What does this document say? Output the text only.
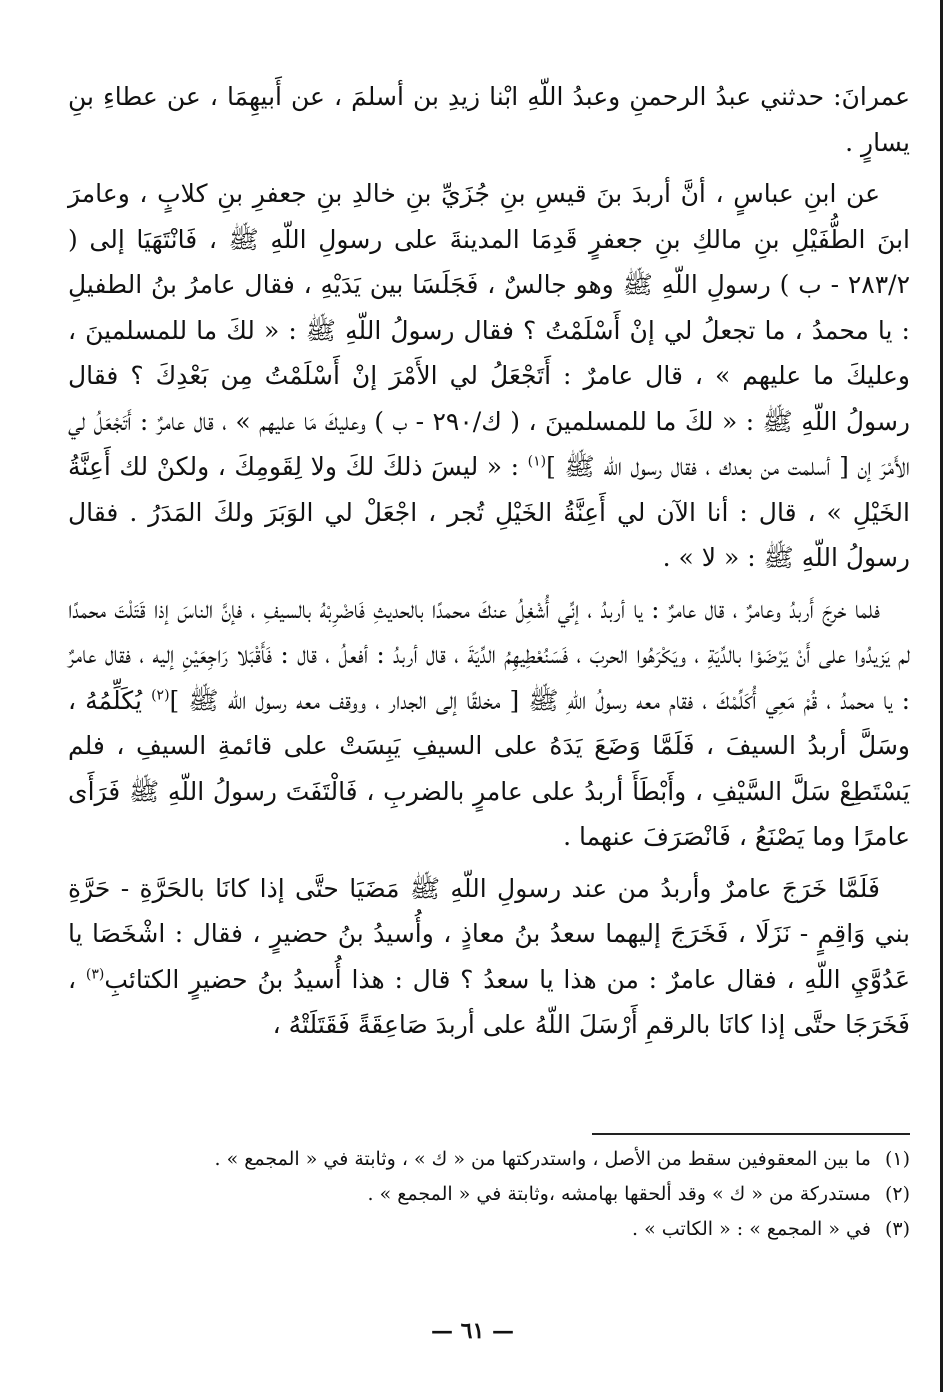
عمرانَ: حدثني عبدُ الرحمنِ وعبدُ اللّهِ ابْنا زيدِ بن أسلمَ ، عن أَبيهِمَا ، عن عطاءِ بنِ يسارٍ .

عن ابنِ عباسٍ ، أنَّ أربدَ بنَ قيسِ بنِ جُزَيِّ بنِ خالدِ بنِ جعفرِ بنِ كلابٍ ، وعامرَ ابنَ الطُّفَيْلِ بنِ مالكِ بنِ جعفرٍ قَدِمَا المدينةَ على رسولِ اللّهِ ﷺ ، فَانْتَهَيَا إلى ( ٢٨٣/٢ - ب ) رسولِ اللّهِ ﷺ وهو جالسٌ ، فَجَلَسَا بين يَدَيْهِ ، فقال عامرُ بنُ الطفيلِ : يا محمدُ ، ما تجعلُ لي إنْ أَسْلَمْتُ ؟ فقال رسولُ اللّهِ ﷺ : « لكَ ما للمسلمينَ ، وعليكَ ما عليهم » ، قال عامرٌ : أَتَجْعَلُ لي الأَمْرَ إنْ أَسْلَمْتُ مِن بَعْدِكَ ؟ فقال رسولُ اللّهِ ﷺ : « لكَ ما للمسلمينَ ، ( ك/٢٩٠ - ب ) وعليكَ مَا عليهم » ، قال عامرٌ : أَتَجْعَلُ لي الأَمْرَ إن [ أسلمت من بعدك ، فقال رسول اللّه ﷺ ]$^{(١)}$ : « ليسَ ذلكَ لكَ ولا لِقَومِكَ ، ولكنْ لك أَعِنَّةُ الخَيْلِ » ، قال : أنا الآن لي أَعِنَّةُ الخَيْلِ تُجر ، اجْعَلْ لي الوَبَرَ ولكَ المَدَرُ . فقال رسولُ اللّهِ ﷺ : « لا » .

فلما خرجَ أَربدُ وعامرٌ ، قال عامرٌ : يا أربدُ ، إنِّي أُشْغِلُ عنكَ محمدًا بالحديثِ فَاضْرِبْهُ بالسيفِ ، فإنَّ الناسَ إذا قَتَلْتَ محمدًا لم يَزيدُوا على أَنْ يَرْضَوْا بالدِّيَةِ ، ويَكْرَهُوا الحربَ ، فَسَنُعْطِيهِمُ الدِّيَةَ ، قال أربدُ : أفعلُ ، قال : فَأَقْبَلا رَاجِعَيْنِ إليه ، فقال عامرٌ : يا محمدُ ، قُمْ مَعِي أُكَلِّمْكَ ، فقام معه رسولُ اللّهِ ﷺ [ مخلقًا إلى الجدار ، ووقف معه رسول اللّه ﷺ ]$^{(٢)}$ يُكَلِّمُهُ ، وسَلَّ أربدُ السيفَ ، فَلَمَّا وَضَعَ يَدَهُ على السيفِ يَبِسَتْ على قائمةِ السيفِ ، فلم يَسْتَطِعْ سَلَّ السَّيْفِ ، وأَبْطَأَ أربدُ على عامرٍ بالضربِ ، فَالْتَفَتَ رسولُ اللّهِ ﷺ فَرَأَى عامرًا وما يَصْنَعُ ، فَانْصَرَفَ عنهما .

فَلَمَّا خَرَجَ عامرٌ وأربدُ من عند رسولِ اللّهِ ﷺ مَضَيَا حتَّى إذا كانَا بالحَرَّةِ - حَرَّةِ بني وَاقِمٍ - نَزَلَا ، فَخَرَجَ إليهما سعدُ بنُ معاذٍ ، وأُسيدُ بنُ حضيرٍ ، فقال : اشْخَصَا يا عَدُوَّيِ اللّهِ ، فقال عامرٌ : من هذا يا سعدُ ؟ قال : هذا أُسيدُ بنُ حضيرٍ الكتائبِ$^{(٣)}$ ، فَخَرَجَا حتَّى إذا كانَا بالرقمِ أَرْسَلَ اللّهُ على أربدَ صَاعِقَةً فَقَتَلَتْهُ ،

(١)ما بين المعقوفين سقط من الأصل ، واستدركتها من « ك » ، وثابتة في « المجمع » .

(٢)مستدركة من « ك » وقد ألحقها بهامشه ،وثابتة في « المجمع » .

(٣)في « المجمع » : « الكاتب » .

— ٦١ —
